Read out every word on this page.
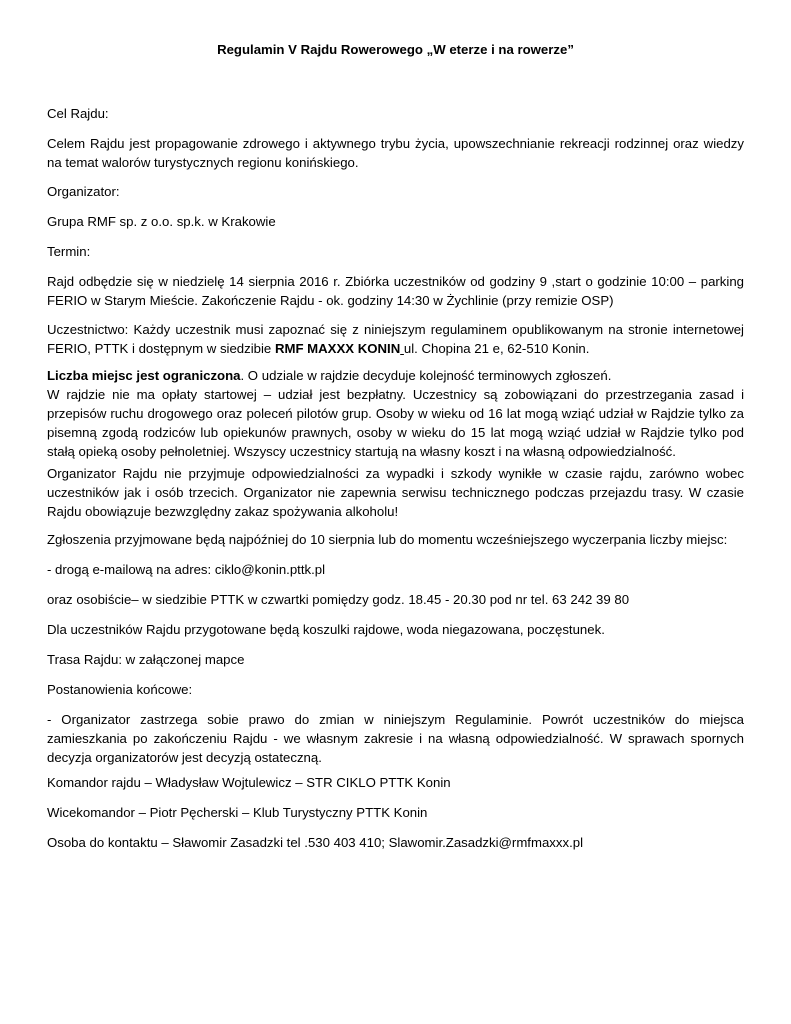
Regulamin V Rajdu Rowerowego „W eterze i na rowerze”
Cel Rajdu:
Celem Rajdu jest propagowanie zdrowego i aktywnego trybu życia, upowszechnianie rekreacji rodzinnej oraz wiedzy na temat walorów turystycznych regionu konińskiego.
Organizator:
Grupa RMF sp. z o.o. sp.k. w Krakowie
Termin:
Rajd odbędzie się w niedzielę 14 sierpnia 2016 r. Zbiórka uczestników od godziny 9 ,start o godzinie 10:00 – parking FERIO w Starym Mieście. Zakończenie Rajdu - ok. godziny 14:30 w Żychlinie (przy remizie OSP)
Uczestnictwo: Każdy uczestnik musi zapoznać się z niniejszym regulaminem opublikowanym na stronie internetowej FERIO, PTTK i dostępnym w siedzibie RMF MAXXX KONIN ul. Chopina 21 e, 62-510 Konin.
Liczba miejsc jest ograniczona. O udziale w rajdzie decyduje kolejność terminowych zgłoszeń.
W rajdzie nie ma opłaty startowej – udział jest bezpłatny. Uczestnicy są zobowiązani do przestrzegania zasad i przepisów ruchu drogowego oraz poleceń pilotów grup. Osoby w wieku od 16 lat mogą wziąć udział w Rajdzie tylko za pisemną zgodą rodziców lub opiekunów prawnych, osoby w wieku do 15 lat mogą wziąć udział w Rajdzie tylko pod stałą opieką osoby pełnoletniej. Wszyscy uczestnicy startują na własny koszt i na własną odpowiedzialność.
Organizator Rajdu nie przyjmuje odpowiedzialności za wypadki i szkody wynikłe w czasie rajdu, zarówno wobec uczestników jak i osób trzecich. Organizator nie zapewnia serwisu technicznego podczas przejazdu trasy. W czasie Rajdu obowiązuje bezwzględny zakaz spożywania alkoholu!
Zgłoszenia przyjmowane będą najpóźniej do 10 sierpnia lub do momentu wcześniejszego wyczerpania liczby miejsc:
- drogą e-mailową na adres: ciklo@konin.pttk.pl
oraz osobiście– w siedzibie PTTK w czwartki pomiędzy godz. 18.45 - 20.30 pod nr tel. 63 242 39 80
Dla uczestników Rajdu przygotowane będą koszulki rajdowe, woda niegazowana, poczęstunek.
Trasa Rajdu: w załączonej mapce
Postanowienia końcowe:
- Organizator zastrzega sobie prawo do zmian w niniejszym Regulaminie. Powrót uczestników do miejsca zamieszkania po zakończeniu Rajdu - we własnym zakresie i na własną odpowiedzialność. W sprawach spornych decyzja organizatorów jest decyzją ostateczną.
Komandor rajdu – Władysław Wojtulewicz – STR CIKLO PTTK Konin
Wicekomandor – Piotr Pęcherski – Klub Turystyczny PTTK Konin
Osoba do kontaktu – Sławomir Zasadzki tel .530 403 410; Slawomir.Zasadzki@rmfmaxxx.pl
